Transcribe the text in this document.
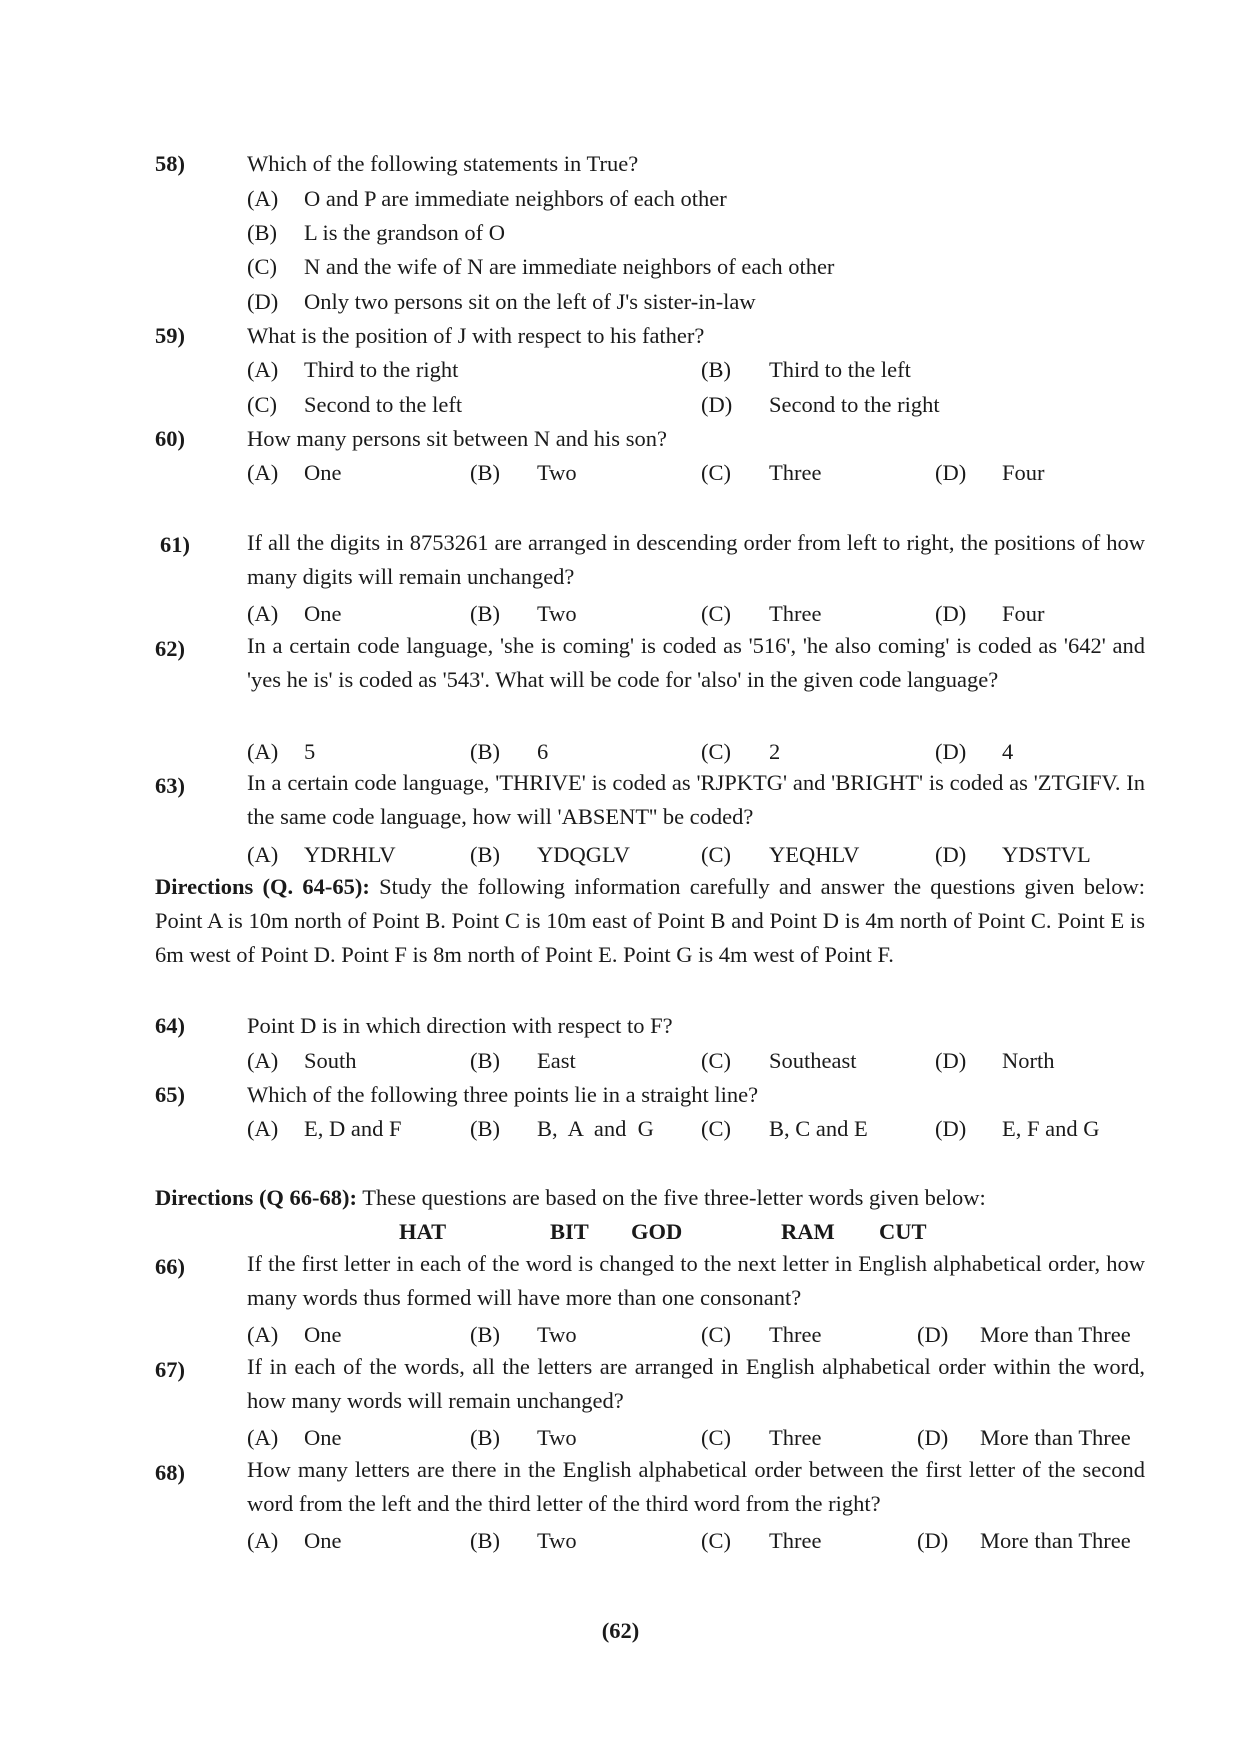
58)	Which of the following statements in True?
(A) O and P are immediate neighbors of each other
(B) L is the grandson of O
(C) N and the wife of N are immediate neighbors of each other
(D) Only two persons sit on the left of J's sister-in-law
59)	What is the position of J with respect to his father?
(A) Third to the right	(B) Third to the left
(C) Second to the left	(D) Second to the right
60)	How many persons sit between N and his son?
(A) One	(B) Two	(C) Three	(D) Four
61)	If all the digits in 8753261 are arranged in descending order from left to right, the positions of how many digits will remain unchanged?
(A) One	(B) Two	(C) Three	(D) Four
62)	In a certain code language, 'she is coming' is coded as '516', 'he also coming' is coded as '642' and 'yes he is' is coded as '543'. What will be code for 'also' in the given code language?
(A) 5	(B) 6	(C) 2	(D) 4
63)	In a certain code language, 'THRIVE' is coded as 'RJPKTG' and 'BRIGHT' is coded as 'ZTGIFV. In the same code language, how will 'ABSENT'' be coded?
(A) YDRHLV	(B) YDQGLV	(C) YEQHLV	(D) YDSTVL
Directions (Q. 64-65): Study the following information carefully and answer the questions given below: Point A is 10m north of Point B. Point C is 10m east of Point B and Point D is 4m north of Point C. Point E is 6m west of Point D. Point F is 8m north of Point E. Point G is 4m west of Point F.
64)	Point D is in which direction with respect to F?
(A) South	(B) East	(C) Southeast	(D) North
65)	Which of the following three points lie in a straight line?
(A) E, D and F	(B) B,  A  and  G (C) B, C and E	(D) E, F and G
Directions (Q 66-68): These questions are based on the five three-letter words given below:
HAT	BIT GOD	RAM CUT
66)	If the first letter in each of the word is changed to the next letter in English alphabetical order, how many words thus formed will have more than one consonant?
(A) One	(B) Two	(C) Three	(D) More than Three
67)	If in each of the words, all the letters are arranged in English alphabetical order within the word, how many words will remain unchanged?
(A) One	(B) Two	(C) Three	(D) More than Three
68)	How many letters are there in the English alphabetical order between the first letter of the second word from the left and the third letter of the third word from the right?
(A) One	(B) Two	(C) Three	(D) More than Three
(62)
